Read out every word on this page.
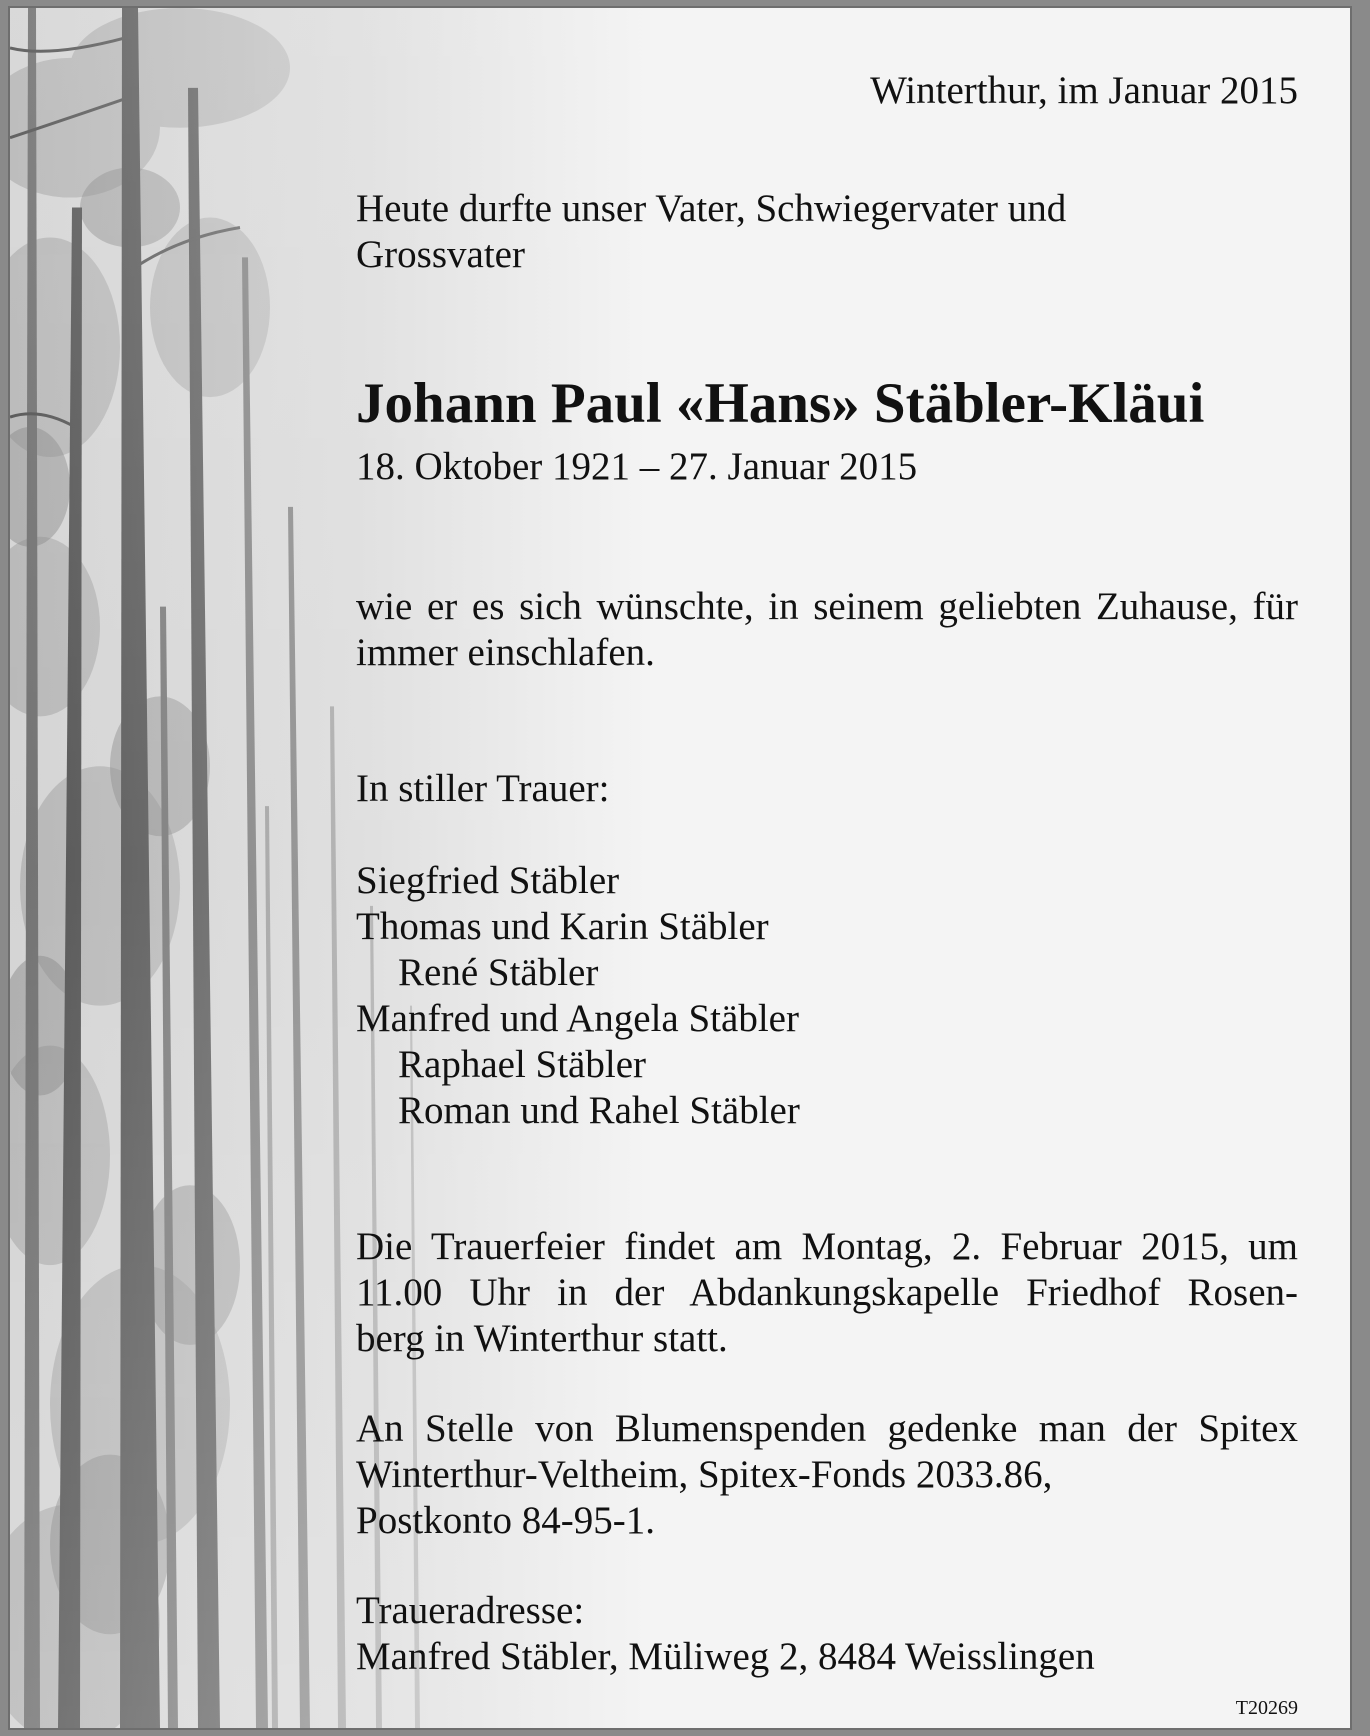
Winterthur, im Januar 2015
Heute durfte unser Vater, Schwiegervater und
Grossvater
Johann Paul «Hans» Stäbler-Kläui
18. Oktober 1921 – 27. Januar 2015
wie er es sich wünschte, in seinem geliebten Zuhause, für immer einschlafen.
In stiller Trauer:
Siegfried Stäbler
Thomas und Karin Stäbler
René Stäbler
Manfred und Angela Stäbler
Raphael Stäbler
Roman und Rahel Stäbler
Die Trauerfeier findet am Montag, 2. Februar 2015, um
11.00 Uhr in der Abdankungskapelle Friedhof Rosen-
berg in Winterthur statt.
An Stelle von Blumenspenden gedenke man der Spitex
Winterthur-Veltheim, Spitex-Fonds 2033.86,
Postkonto 84-95-1.
Traueradresse:
Manfred Stäbler, Müliweg 2, 8484 Weisslingen
T20269
